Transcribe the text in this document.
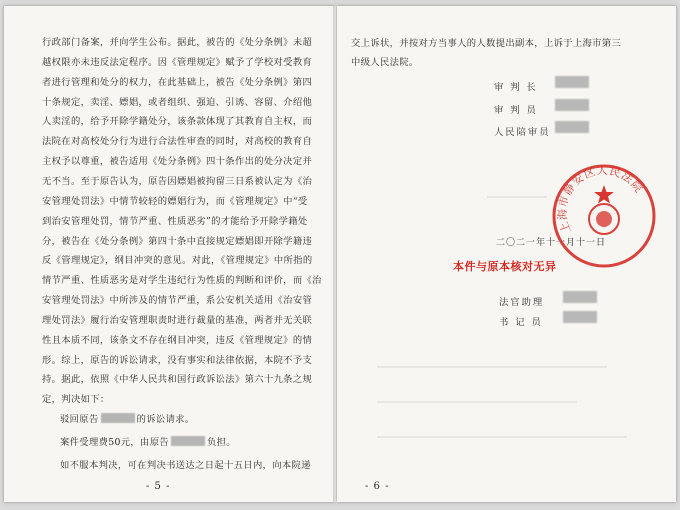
行政部门备案，并向学生公布。据此，被告的《处分条例》未超

越权限亦未违反法定程序。因《管理规定》赋予了学校对受教育

者进行管理和处分的权力，在此基础上，被告《处分条例》第四

十条规定，卖淫、嫖娼，或者组织、强迫、引诱、容留、介绍他

人卖淫的，给予开除学籍处分，该条款体现了其教育自主权，而

法院在对高校处分行为进行合法性审查的同时，对高校的教育自

主权予以尊重，被告适用《处分条例》四十条作出的处分决定并

无不当。至于原告认为，原告因嫖娼被拘留三日系被认定为《治

安管理处罚法》中情节较轻的嫖娼行为，而《管理规定》中“受

到治安管理处罚，情节严重、性质恶劣”的才能给予开除学籍处

分，被告在《处分条例》第四十条中直接规定嫖娼即开除学籍违

反《管理规定》，纲目冲突的意见。对此，《管理规定》中所指的

情节严重、性质恶劣是对学生违纪行为性质的判断和评价，而《治

安管理处罚法》中所涉及的情节严重，系公安机关适用《治安管

理处罚法》履行治安管理职责时进行裁量的基准，两者并无关联

性且本质不同，该条文不存在纲目冲突，违反《管理规定》的情

形。综上，原告的诉讼请求，没有事实和法律依据，本院不予支

持。据此，依照《中华人民共和国行政诉讼法》第六十九条之规

定，判决如下：

驳回原告	的诉讼请求。

案件受理费50元，由原告	负担。

如不服本判决，可在判决书送达之日起十五日内，向本院递

- 5 -

交上诉状，并按对方当事人的人数提出副本，上诉于上海市第三

中级人民法院。

审 判 长

审 判 员

人民陪审员

二〇二一年十一月十一日

上海市静安区人民法院

本件与原本核对无异

法官助理

书 记 员

- 6 -
